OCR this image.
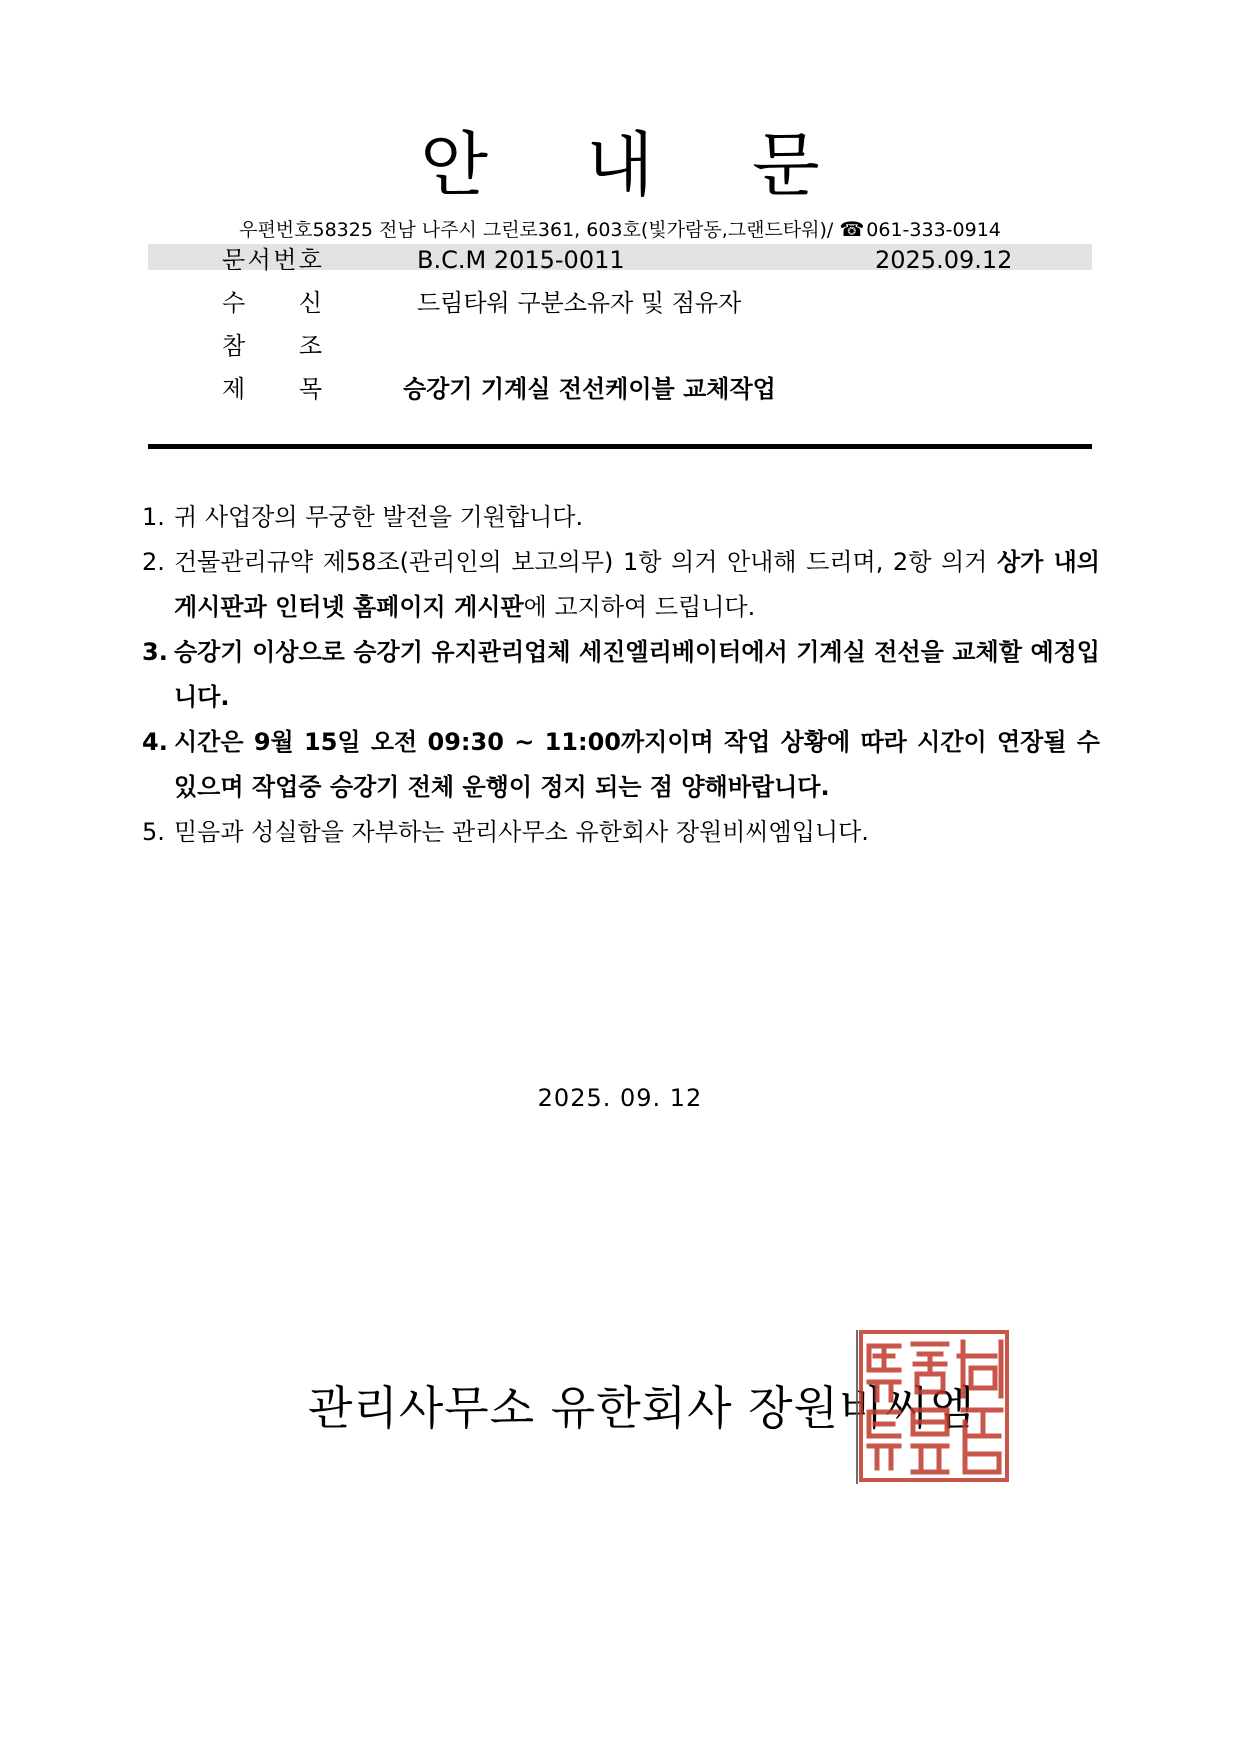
안 내 문
우편번호58325 전남 나주시 그린로361, 603호(빛가람동,그랜드타워)/ ☎ 061-333-0914
문 서 번 호	B.C.M 2015-0011	2025.09.12
수 신	드림타워 구분소유자 및 점유자
참 조
제 목	승강기 기계실 전선케이블 교체작업
1. 귀 사업장의 무궁한 발전을 기원합니다.
2. 건물관리규약 제58조(관리인의 보고의무) 1항 의거 안내해 드리며, 2항 의거 상가 내의 게시판과 인터넷 홈페이지 게시판에 고지하여 드립니다.
3. 승강기 이상으로 승강기 유지관리업체 세진엘리베이터에서 기계실 전선을 교체할 예정입니다.
4. 시간은 9월 15일 오전 09:30 ~ 11:00까지이며 작업 상황에 따라 시간이 연장될 수 있으며 작업중 승강기 전체 운행이 정지 되는 점 양해바랍니다.
5. 믿음과 성실함을 자부하는 관리사무소 유한회사 장원비씨엠입니다.
2025. 09. 12
관리사무소 유한회사 장원비씨엠
